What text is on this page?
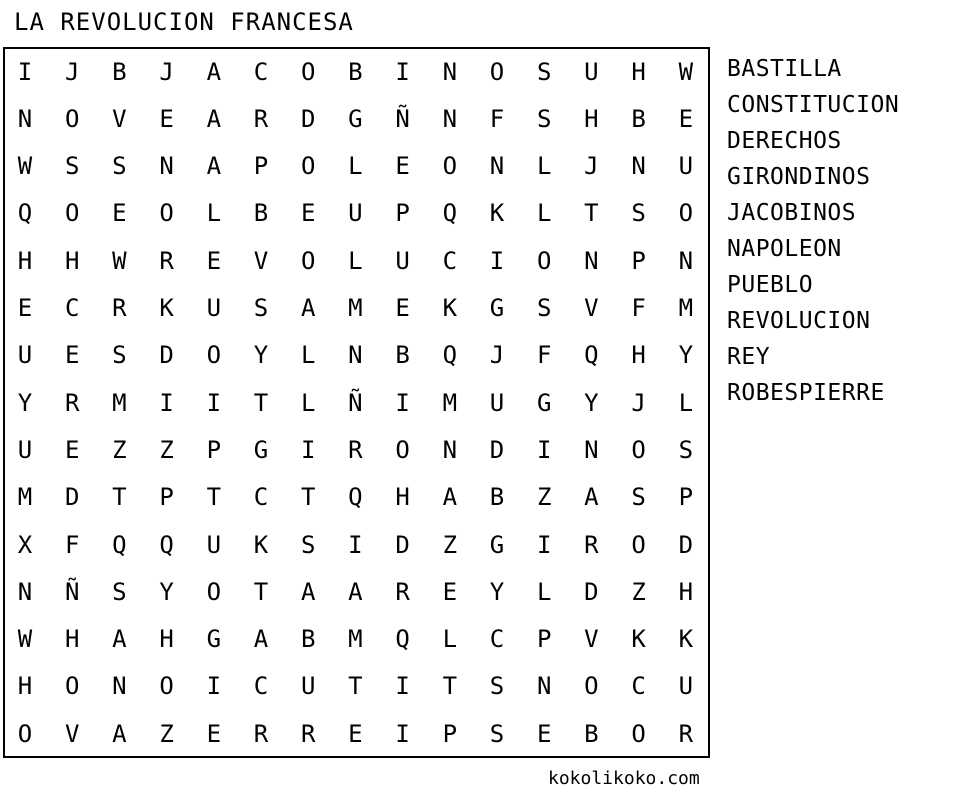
LA REVOLUCION FRANCESA
I	J	B	J	A	C	O	B	I	N	O	S	U	H	W
N	O	V	E	A	R	D	G	Ñ	N	F	S	H	B	E
W	S	S	N	A	P	O	L	E	O	N	L	J	N	U
Q	O	E	O	L	B	E	U	P	Q	K	L	T	S	O
H	H	W	R	E	V	O	L	U	C	I	O	N	P	N
E	C	R	K	U	S	A	M	E	K	G	S	V	F	M
U	E	S	D	O	Y	L	N	B	Q	J	F	Q	H	Y
Y	R	M	I	I	T	L	Ñ	I	M	U	G	Y	J	L
U	E	Z	Z	P	G	I	R	O	N	D	I	N	O	S
M	D	T	P	T	C	T	Q	H	A	B	Z	A	S	P
X	F	Q	Q	U	K	S	I	D	Z	G	I	R	O	D
N	Ñ	S	Y	O	T	A	A	R	E	Y	L	D	Z	H
W	H	A	H	G	A	B	M	Q	L	C	P	V	K	K
H	O	N	O	I	C	U	T	I	T	S	N	O	C	U
O	V	A	Z	E	R	R	E	I	P	S	E	B	O	R
BASTILLA
CONSTITUCION
DERECHOS
GIRONDINOS
JACOBINOS
NAPOLEON
PUEBLO
REVOLUCION
REY
ROBESPIERRE
kokolikoko.com
